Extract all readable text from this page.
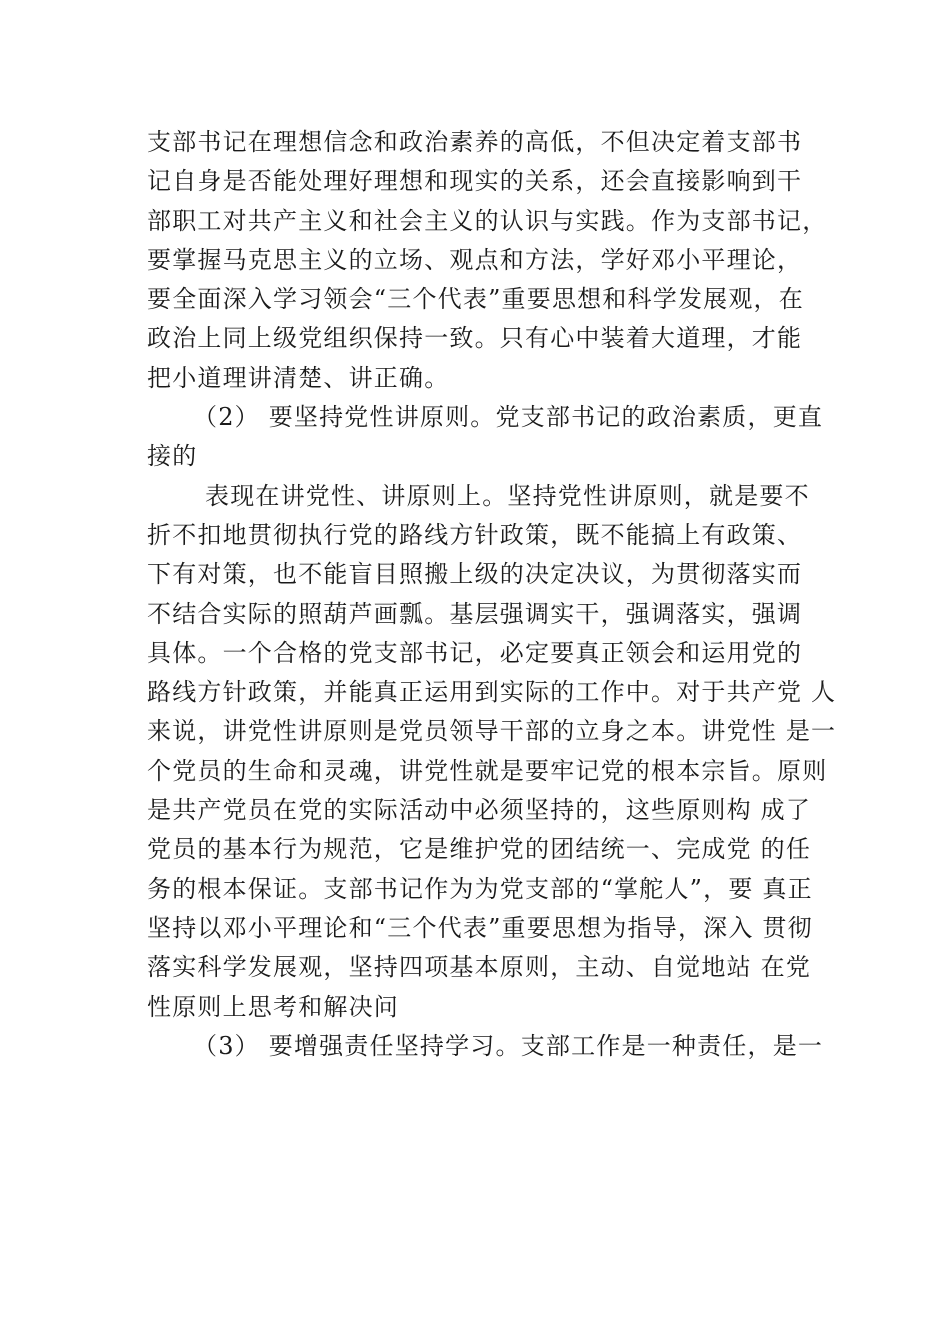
支部书记在理想信念和政治素养的高低，不但决定着支部书
记自身是否能处理好理想和现实的关系，还会直接影响到干
部职工对共产主义和社会主义的认识与实践。作为支部书记，
要掌握马克思主义的立场、观点和方法，学好邓小平理论，
要全面深入学习领会“三个代表”重要思想和科学发展观，在
政治上同上级党组织保持一致。只有心中装着大道理，才能
把小道理讲清楚、讲正确。
（2） 要坚持党性讲原则。党支部书记的政治素质，更直
接的
表现在讲党性、讲原则上。坚持党性讲原则，就是要不
折不扣地贯彻执行党的路线方针政策，既不能搞上有政策、
下有对策，也不能盲目照搬上级的决定决议，为贯彻落实而
不结合实际的照葫芦画瓢。基层强调实干，强调落实，强调
具体。一个合格的党支部书记，必定要真正领会和运用党的
路线方针政策，并能真正运用到实际的工作中。对于共产党 人
来说，讲党性讲原则是党员领导干部的立身之本。讲党性 是一
个党员的生命和灵魂，讲党性就是要牢记党的根本宗旨。原则
是共产党员在党的实际活动中必须坚持的，这些原则构 成了
党员的基本行为规范，它是维护党的团结统一、完成党 的任
务的根本保证。支部书记作为为党支部的“掌舵人”，要 真正
坚持以邓小平理论和“三个代表”重要思想为指导，深入 贯彻
落实科学发展观，坚持四项基本原则，主动、自觉地站 在党
性原则上思考和解决问
（3） 要增强责任坚持学习。支部工作是一种责任，是一
